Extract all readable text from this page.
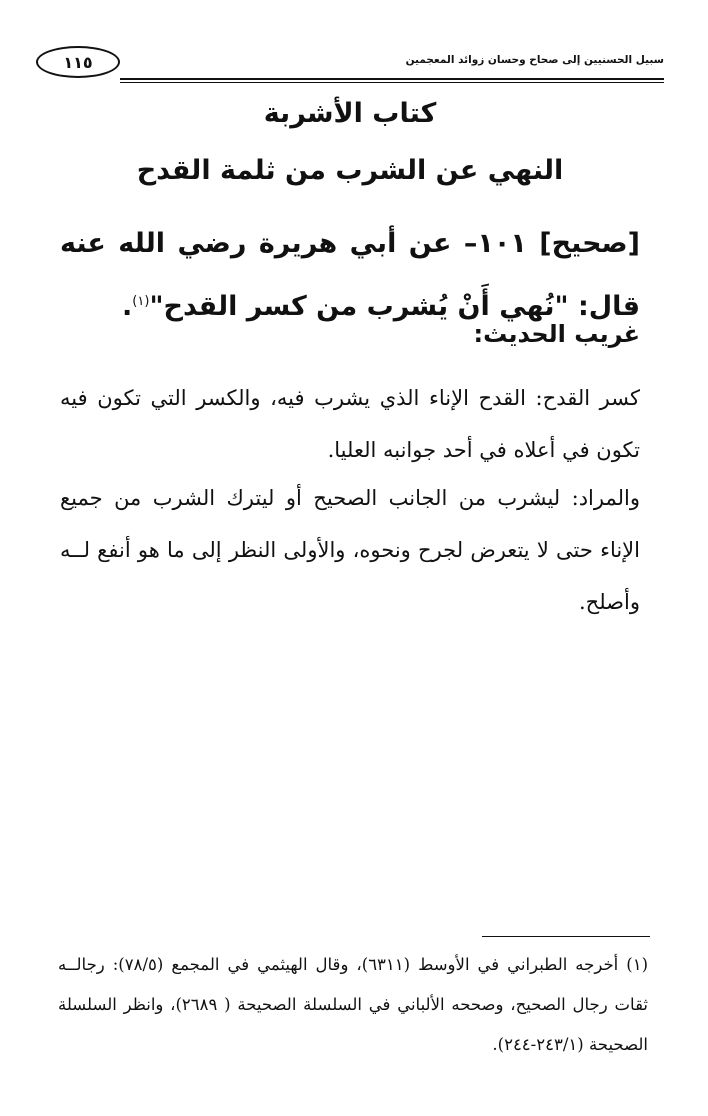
١١٥	سبيل الحسنيين إلى صحاح وحسان زوائد المعجمين
كتاب الأشربة
النهي عن الشرب من ثلمة القدح
[صحيح] ١٠١– عن أبي هريرة رضي الله عنه قال: "نُهي أَنْ يُشرب من كسر القدح"$^{(١)}$.
غريب الحديث:
كسر القدح: القدح الإناء الذي يشرب فيه، والكسر التي تكون فيه تكون في أعلاه في أحد جوانبه العليا.
والمراد: ليشرب من الجانب الصحيح أو ليترك الشرب من جميع الإناء حتى لا يتعرض لجرح ونحوه، والأولى النظر إلى ما هو أنفع لــه وأصلح.
(١) أخرجه الطبراني في الأوسط (٦٣١١)، وقال الهيثمي في المجمع (٧٨/٥): رجالــه ثقات رجال الصحيح، وصححه الألباني في السلسلة الصحيحة ( ٢٦٨٩)، وانظر السلسلة الصحيحة (٢٤٣/١-٢٤٤).
